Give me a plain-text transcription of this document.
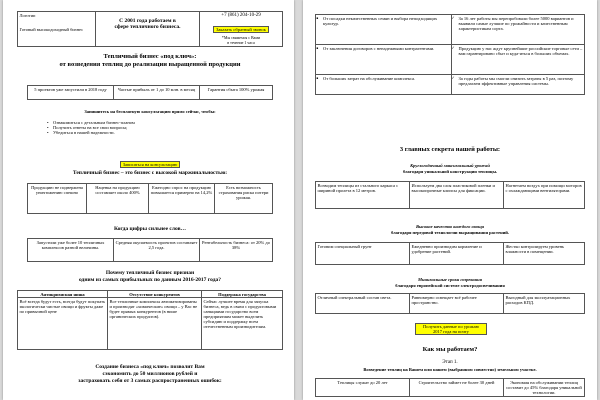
Логотип
Готовый высокодоходный бизнес

С 2001 года работаем в
сфере тепличного бизнеса.

+7 (861) 204-10-29
Заказать обратный звонок
*Мы свяжемся с Вами
в течение 1 часа
Тепличный бизнес «под ключ»:
от возведения теплиц до реализации выращенной продукции
5 проектов уже запустили в 2018 году	Частые прибыль от 1 до 10 млн. в месяц	Гарантия сбыта 100% урожая
Запишитесь на бесплатную консультацию прямо сейчас, чтобы:
• Ознакомиться с детальным бизнес-планом
• Получить ответы на все свои вопросы;
• Убедиться в нашей надежности.
Записаться на консультацию
Тепличный бизнес – это бизнес с высокой маржинальностью:
Продукцию не подвержена уничтожению спешно	Наценка на продукцию составляет около 400%	Ежегодно спрос на продукцию повышается примерно на 14,2%	Есть возможность страхования риска потери урожая.
Когда цифры сильнее слов…
Запустили уже более 10 тепличных комплексов разной величины.	Средняя окупаемость проектов составляет 2,5 года.	Рентабельность бизнеса: от 20% до 38%
Почему тепличный бизнес признан
одним из самых прибыльных по данным 2016-2017 года?
Антикризисная ниша	Отсутствие конкурентов	Поддержка государства
Всё всегда будут есть, всегда будут покупать экологически чистые овощи и фрукты даже по привычной цене	Все тепличные комплексы автоматизированы и производят «химические» овощи – у Вас не будет прямых конкурентов (в нише органических продуктов).	Сейчас лучшее время для запуска бизнеса, ведь в связи с продуктовыми санкциями государство всем предприятиям может выделить субсидию и поддержку всем отечественным производителям.
Создание бизнеса «под ключ» позволит Вам
сэкономить до 50 миллионов рублей и
застраховать себя от 3 самых распространенных ошибок:
От посадки некачественных семян и выбора неподходящих культур.	За 16 лет работы мы перепробовали более 5000 вариантов и выявили самые лучшие по урожайности и качественным характеристикам сорта.
От заключения договоров с ненадежными контрагентами.	Продукцию у нас ждут крупнейшие российские торговые сети – вам гарантировано сбыт и куда-иться в больших объемах.
От больших затрат на обслуживание комплекса.	За годы работы мы смогли снизить затраты в 5 раз, поэтому предлагаем эффективные управления системы.
3 главных секрета нашей работы:
Круглогодичный максимальный урожай
благодаря уникальной конструкции теплицы.
Возводим теплицы из стального каркаса с шириной пролета в 12 метров.	Используем два слоя пластиковой пленки и высокопрочные клипсы для фиксации.	Нагнетаем воздух при помощи моторов с охлаждающими вентиляторами.
Высокое качество каждого овоща
благодаря передовой технологии выращивания растений.
Готовим специальный грунт	Ежедневно производим кормление и удобрение растений.	Жестко контролируем уровень влажности в помещении.
Минимальные сроки созревания
благодаря европейской системе электродосвечивания
Отличный спектральный состав света.	Равномерно освещает всё рабочее пространство.	Выгодный для эксплуатационных расходов КПД.
Получить данные по урожаю
2017 года на почту
Как мы работаем?
Этап 1.
Возведение теплиц на Вашем или нашем (выбранном совместно) земельном участке.
Теплицы служат до 20 лет	Строительство займет не более 30 дней	Экономия на обслуживании теплиц составит до 45% благодаря уникальной технологии.
